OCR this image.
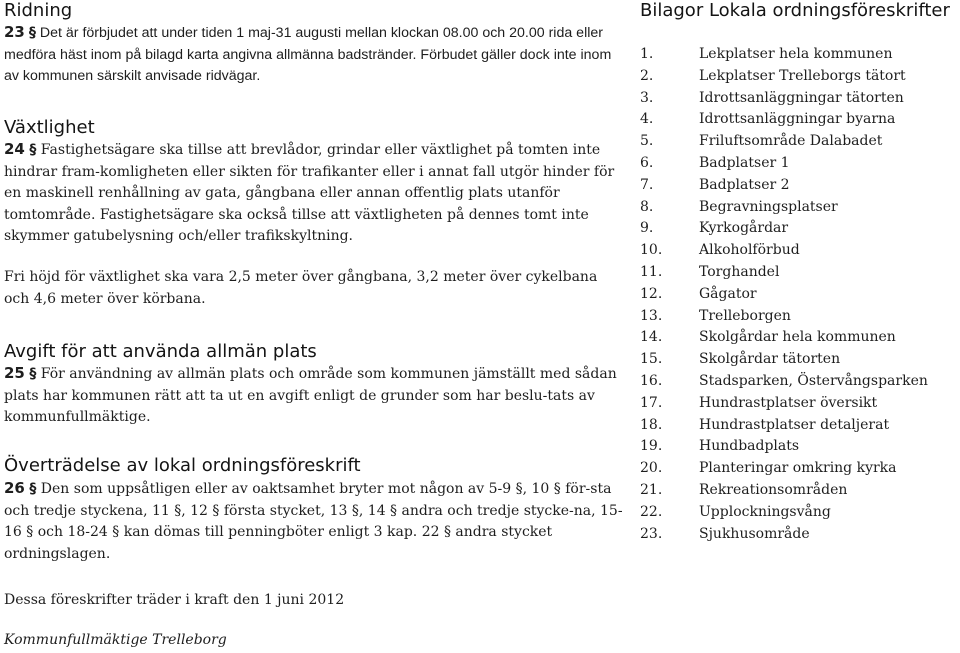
Ridning

23 § Det är förbjudet att under tiden 1 maj-31 augusti mellan klockan 08.00 och 20.00 rida eller medföra häst inom på bilagd karta angivna allmänna badstränder. Förbudet gäller dock inte inom av kommunen särskilt anvisade ridvägar.

Växtlighet

24 § Fastighetsägare ska tillse att brevlådor, grindar eller växtlighet på tomten inte hindrar fram-komligheten eller sikten för trafikanter eller i annat fall utgör hinder för en maskinell renhållning av gata, gångbana eller annan offentlig plats utanför tomtområde. Fastighetsägare ska också tillse att växtligheten på dennes tomt inte skymmer gatubelysning och/eller trafikskyltning.

Fri höjd för växtlighet ska vara 2,5 meter över gångbana, 3,2 meter över cykelbana och 4,6 meter över körbana.

Avgift för att använda allmän plats

25 § För användning av allmän plats och område som kommunen jämställt med sådan plats har kommunen rätt att ta ut en avgift enligt de grunder som har beslu-tats av kommunfullmäktige.

Överträdelse av lokal ordningsföreskrift

26 § Den som uppsåtligen eller av oaktsamhet bryter mot någon av 5-9 §, 10 § för-sta och tredje styckena, 11 §, 12 § första stycket, 13 §, 14 § andra och tredje stycke-na, 15-16 § och 18-24 § kan dömas till penningböter enligt 3 kap. 22 § andra stycket ordningslagen.

Dessa föreskrifter träder i kraft den 1 juni 2012

Kommunfullmäktige Trelleborg

Bilagor Lokala ordningsföreskrifter
1.	Lekplatser hela kommunen
2.	Lekplatser Trelleborgs tätort
3.	Idrottsanläggningar tätorten
4.	Idrottsanläggningar byarna
5.	Friluftsområde Dalabadet
6.	Badplatser 1
7.	Badplatser 2
8.	Begravningsplatser
9.	Kyrkogårdar
10.	Alkoholförbud
11.	Torghandel
12.	Gågator
13.	Trelleborgen
14.	Skolgårdar hela kommunen
15.	Skolgårdar tätorten
16.	Stadsparken, Östervångsparken
17.	Hundrastplatser översikt
18.	Hundrastplatser detaljerat
19.	Hundbadplats
20.	Planteringar omkring kyrka
21.	Rekreationsområden
22.	Upplockningsvång
23.	Sjukhusområde
